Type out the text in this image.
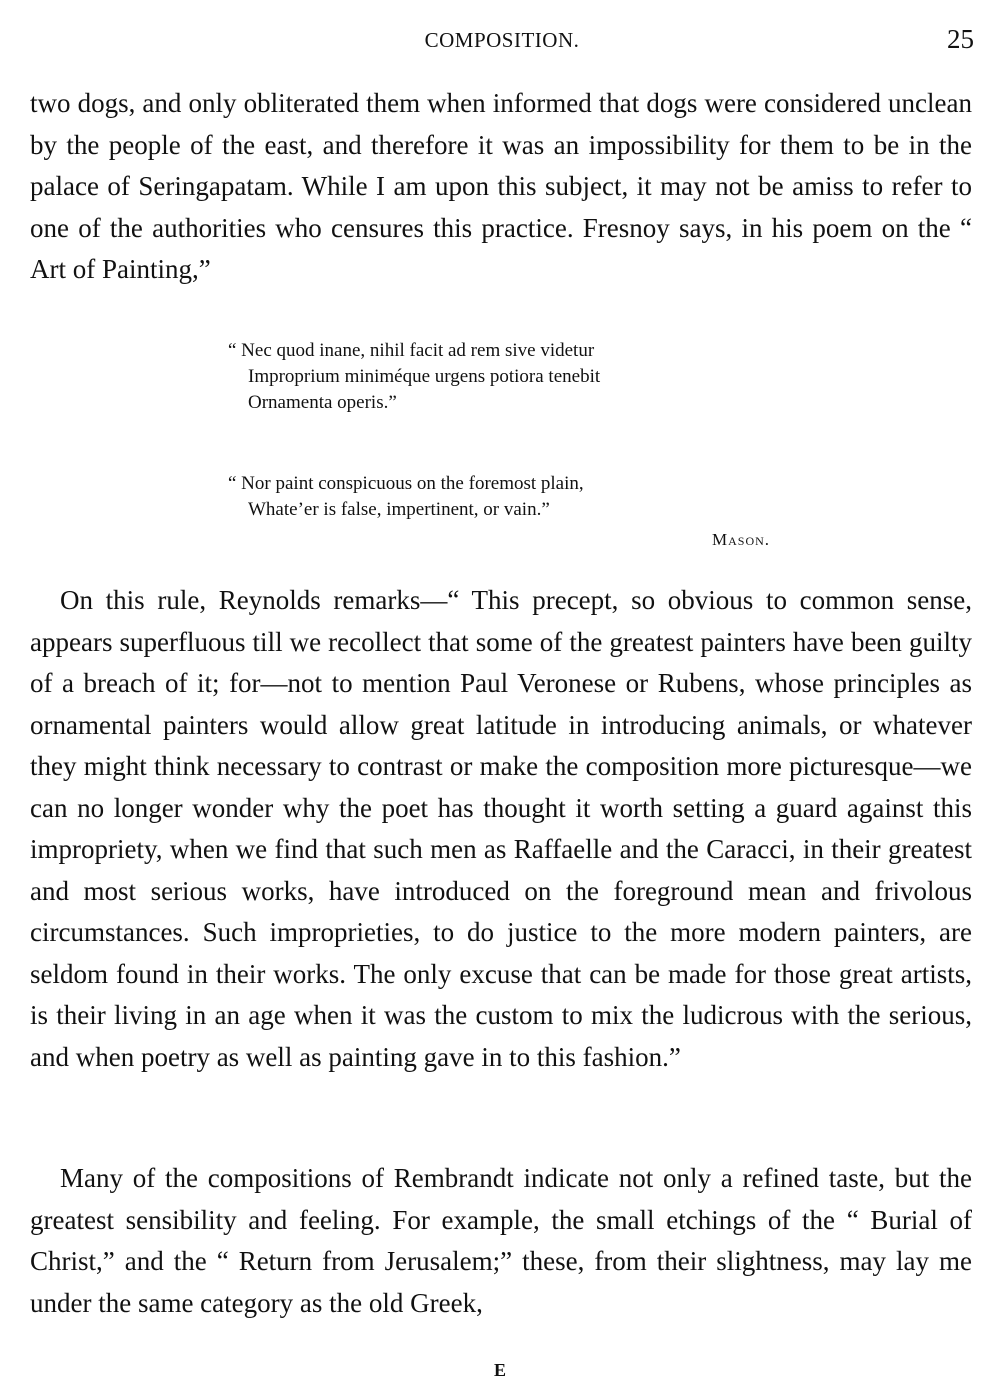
COMPOSITION.	25

two dogs, and only obliterated them when informed that dogs were considered unclean by the people of the east, and therefore it was an impossibility for them to be in the palace of Seringapatam. While I am upon this subject, it may not be amiss to refer to one of the authorities who censures this practice. Fresnoy says, in his poem on the “ Art of Painting,”

“ Nec quod inane, nihil facit ad rem sive videtur
Improprium miniméque urgens potiora tenebit
Ornamenta operis.”
“ Nor paint conspicuous on the foremost plain,
Whate’er is false, impertinent, or vain.”
Mason.

On this rule, Reynolds remarks—“ This precept, so obvious to common sense, appears superfluous till we recollect that some of the greatest painters have been guilty of a breach of it; for—not to mention Paul Veronese or Rubens, whose principles as ornamental painters would allow great latitude in introducing animals, or whatever they might think necessary to contrast or make the composition more picturesque—we can no longer wonder why the poet has thought it worth setting a guard against this impropriety, when we find that such men as Raffaelle and the Caracci, in their greatest and most serious works, have introduced on the foreground mean and frivolous circumstances. Such improprieties, to do justice to the more modern painters, are seldom found in their works. The only excuse that can be made for those great artists, is their living in an age when it was the custom to mix the ludicrous with the serious, and when poetry as well as painting gave in to this fashion.”

Many of the compositions of Rembrandt indicate not only a refined taste, but the greatest sensibility and feeling. For example, the small etchings of the “ Burial of Christ,” and the “ Return from Jerusalem;” these, from their slightness, may lay me under the same category as the old Greek,

E
